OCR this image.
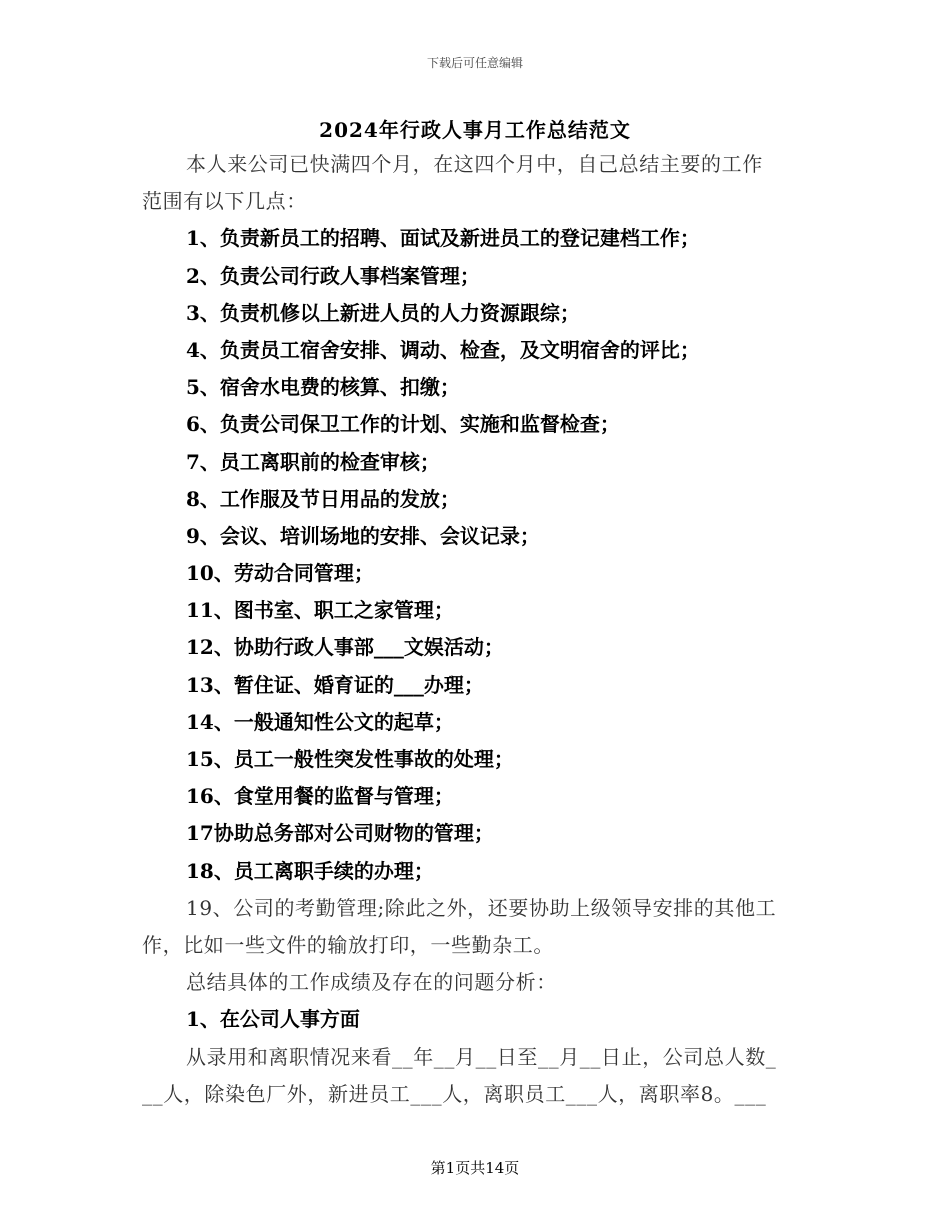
下载后可任意编辑
2024年行政人事月工作总结范文
本人来公司已快满四个月，在这四个月中，自己总结主要的工作
范围有以下几点：
1、负责新员工的招聘、面试及新进员工的登记建档工作；
2、负责公司行政人事档案管理；
3、负责机修以上新进人员的人力资源跟综；
4、负责员工宿舍安排、调动、检查，及文明宿舍的评比；
5、宿舍水电费的核算、扣缴；
6、负责公司保卫工作的计划、实施和监督检查；
7、员工离职前的检查审核；
8、工作服及节日用品的发放；
9、会议、培训场地的安排、会议记录；
10、劳动合同管理；
11、图书室、职工之家管理；
12、协助行政人事部___文娱活动；
13、暂住证、婚育证的___办理；
14、一般通知性公文的起草；
15、员工一般性突发性事故的处理；
16、食堂用餐的监督与管理；
17协助总务部对公司财物的管理；
18、员工离职手续的办理；
19、公司的考勤管理;除此之外，还要协助上级领导安排的其他工
作，比如一些文件的输放打印，一些勤杂工。
总结具体的工作成绩及存在的问题分析：
1、在公司人事方面
从录用和离职情况来看__年__月__日至__月__日止，公司总人数_
__人，除染色厂外，新进员工___人，离职员工___人，离职率8。___
第1页共14页
